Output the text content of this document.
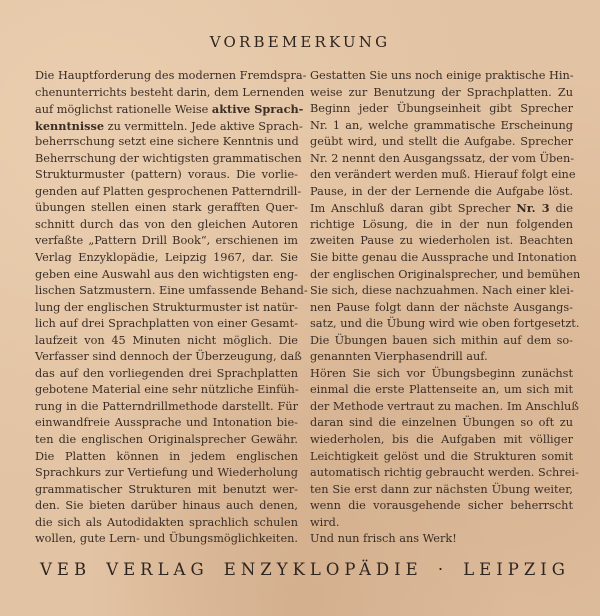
VORBEMERKUNG
Die Hauptforderung des modernen Fremdspra-
chenunterrichts besteht darin, dem Lernenden
auf möglichst rationelle Weise aktive Sprach-
kenntnisse zu vermitteln. Jede aktive Sprach-
beherrschung setzt eine sichere Kenntnis und
Beherrschung der wichtigsten grammatischen
Strukturmuster (pattern) voraus. Die vorlie-
genden auf Platten gesprochenen Patterndrill-
übungen stellen einen stark gerafften Quer-
schnitt durch das von den gleichen Autoren
verfaßte „Pattern Drill Book“, erschienen im
Verlag Enzyklopädie, Leipzig 1967, dar. Sie
geben eine Auswahl aus den wichtigsten eng-
lischen Satzmustern. Eine umfassende Behand-
lung der englischen Strukturmuster ist natür-
lich auf drei Sprachplatten von einer Gesamt-
laufzeit von 45 Minuten nicht möglich. Die
Verfasser sind dennoch der Überzeugung, daß
das auf den vorliegenden drei Sprachplatten
gebotene Material eine sehr nützliche Einfüh-
rung in die Patterndrillmethode darstellt. Für
einwandfreie Aussprache und Intonation bie-
ten die englischen Originalsprecher Gewähr.
Die Platten können in jedem englischen
Sprachkurs zur Vertiefung und Wiederholung
grammatischer Strukturen mit benutzt wer-
den. Sie bieten darüber hinaus auch denen,
die sich als Autodidakten sprachlich schulen
wollen, gute Lern- und Übungsmöglichkeiten.
Gestatten Sie uns noch einige praktische Hin-
weise zur Benutzung der Sprachplatten. Zu
Beginn jeder Übungseinheit gibt Sprecher
Nr. 1 an, welche grammatische Erscheinung
geübt wird, und stellt die Aufgabe. Sprecher
Nr. 2 nennt den Ausgangssatz, der vom Üben-
den verändert werden muß. Hierauf folgt eine
Pause, in der der Lernende die Aufgabe löst.
Im Anschluß daran gibt Sprecher Nr. 3 die
richtige Lösung, die in der nun folgenden
zweiten Pause zu wiederholen ist. Beachten
Sie bitte genau die Aussprache und Intonation
der englischen Originalsprecher, und bemühen
Sie sich, diese nachzuahmen. Nach einer klei-
nen Pause folgt dann der nächste Ausgangs-
satz, und die Übung wird wie oben fortgesetzt.
Die Übungen bauen sich mithin auf dem so-
genannten Vierphasendrill auf.
Hören Sie sich vor Übungsbeginn zunächst
einmal die erste Plattenseite an, um sich mit
der Methode vertraut zu machen. Im Anschluß
daran sind die einzelnen Übungen so oft zu
wiederholen, bis die Aufgaben mit völliger
Leichtigkeit gelöst und die Strukturen somit
automatisch richtig gebraucht werden. Schrei-
ten Sie erst dann zur nächsten Übung weiter,
wenn die vorausgehende sicher beherrscht
wird.
Und nun frisch ans Werk!
VEB VERLAG ENZYKLOPÄDIE · LEIPZIG
